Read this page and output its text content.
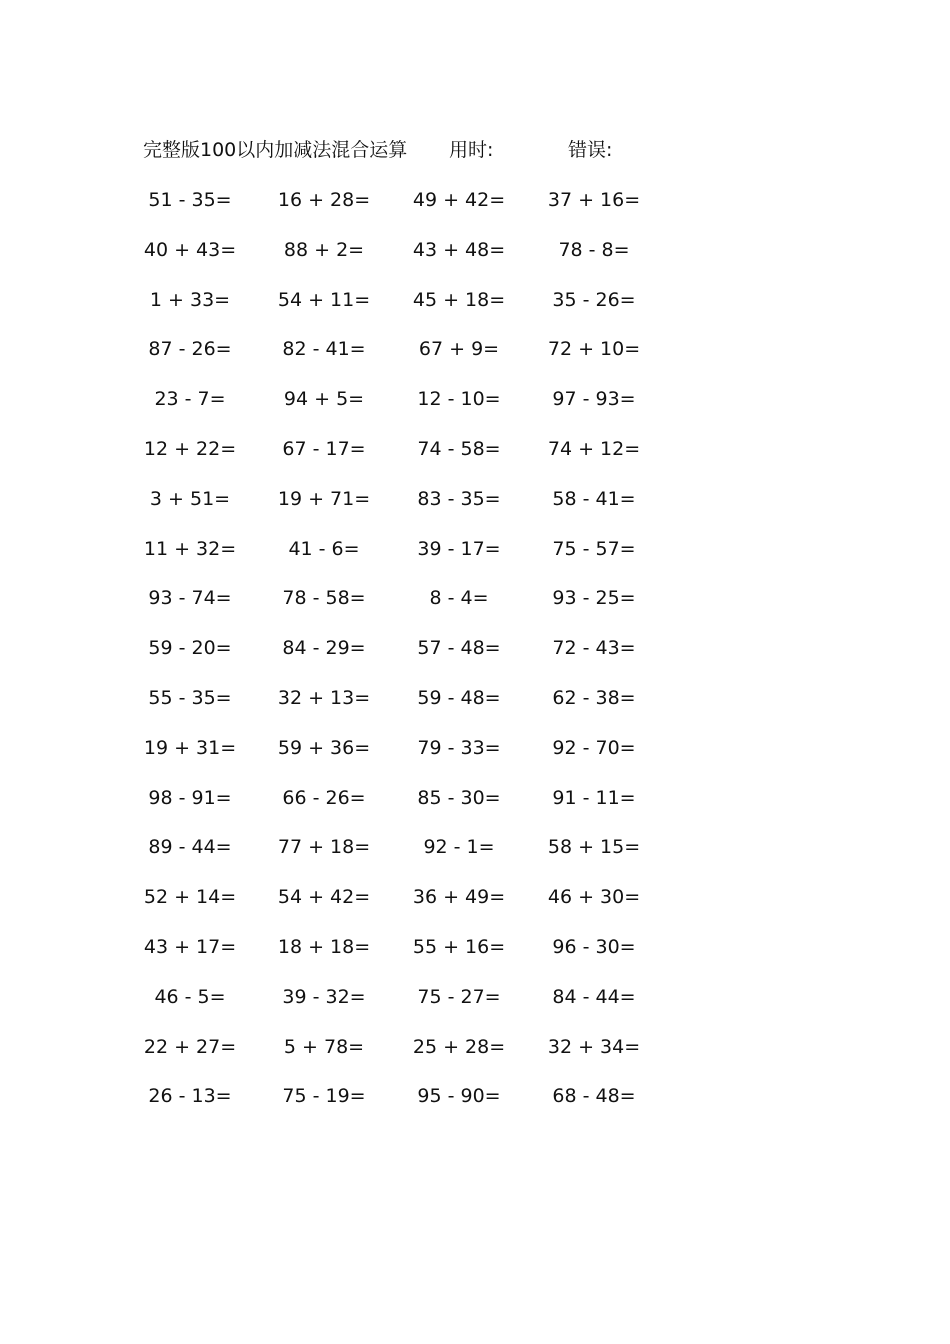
完整版100以内加减法混合运算 用时:	错误:
51 - 35=	16 + 28=	49 + 42=	37 + 16=
40 + 43=	88 + 2=	43 + 48=	78 - 8=
1 + 33=	54 + 11=	45 + 18=	35 - 26=
87 - 26=	82 - 41=	67 + 9=	72 + 10=
23 - 7=	94 + 5=	12 - 10=	97 - 93=
12 + 22=	67 - 17=	74 - 58=	74 + 12=
3 + 51=	19 + 71=	83 - 35=	58 - 41=
11 + 32=	41 - 6=	39 - 17=	75 - 57=
93 - 74=	78 - 58=	8 - 4=	93 - 25=
59 - 20=	84 - 29=	57 - 48=	72 - 43=
55 - 35=	32 + 13=	59 - 48=	62 - 38=
19 + 31=	59 + 36=	79 - 33=	92 - 70=
98 - 91=	66 - 26=	85 - 30=	91 - 11=
89 - 44=	77 + 18=	92 - 1=	58 + 15=
52 + 14=	54 + 42=	36 + 49=	46 + 30=
43 + 17=	18 + 18=	55 + 16=	96 - 30=
46 - 5=	39 - 32=	75 - 27=	84 - 44=
22 + 27=	5 + 78=	25 + 28=	32 + 34=
26 - 13=	75 - 19=	95 - 90=	68 - 48=
